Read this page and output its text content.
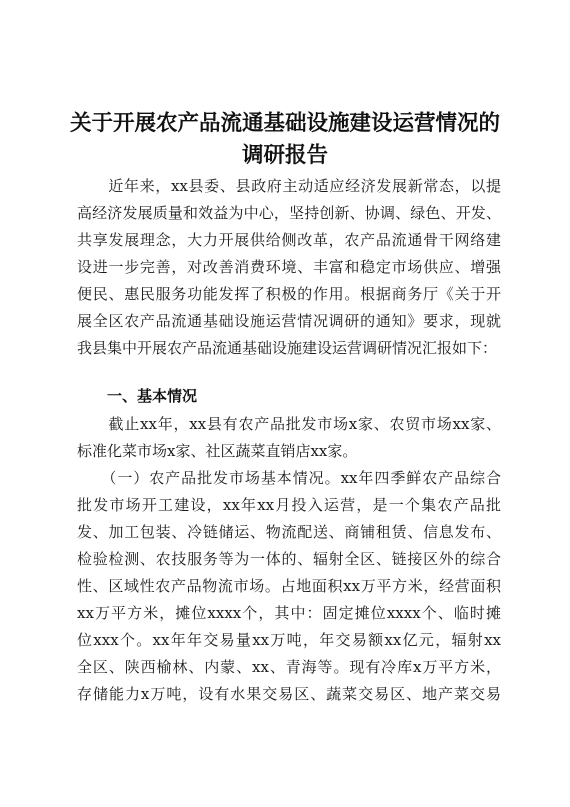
关于开展农产品流通基础设施建设运营情况的
调研报告
　　近年来，xx县委、县政府主动适应经济发展新常态，以提
高经济发展质量和效益为中心，坚持创新、协调、绿色、开发、
共享发展理念，大力开展供给侧改革，农产品流通骨干网络建
设进一步完善，对改善消费环境、丰富和稳定市场供应、增强
便民、惠民服务功能发挥了积极的作用。根据商务厅《关于开
展全区农产品流通基础设施运营情况调研的通知》要求，现就
我县集中开展农产品流通基础设施建设运营调研情况汇报如下：
　　一、基本情况
　　截止xx年，xx县有农产品批发市场x家、农贸市场xx家、
标准化菜市场x家、社区蔬菜直销店xx家。
　　（一）农产品批发市场基本情况。xx年四季鲜农产品综合
批发市场开工建设，xx年xx月投入运营，是一个集农产品批
发、加工包装、冷链储运、物流配送、商铺租赁、信息发布、
检验检测、农技服务等为一体的、辐射全区、链接区外的综合
性、区域性农产品物流市场。占地面积xx万平方米，经营面积
xx万平方米，摊位xxxx个，其中：固定摊位xxxx个、临时摊
位xxx个。xx年年交易量xx万吨，年交易额xx亿元，辐射xx
全区、陕西榆林、内蒙、xx、青海等。现有冷库x万平方米，
存储能力x万吨，设有水果交易区、蔬菜交易区、地产菜交易
